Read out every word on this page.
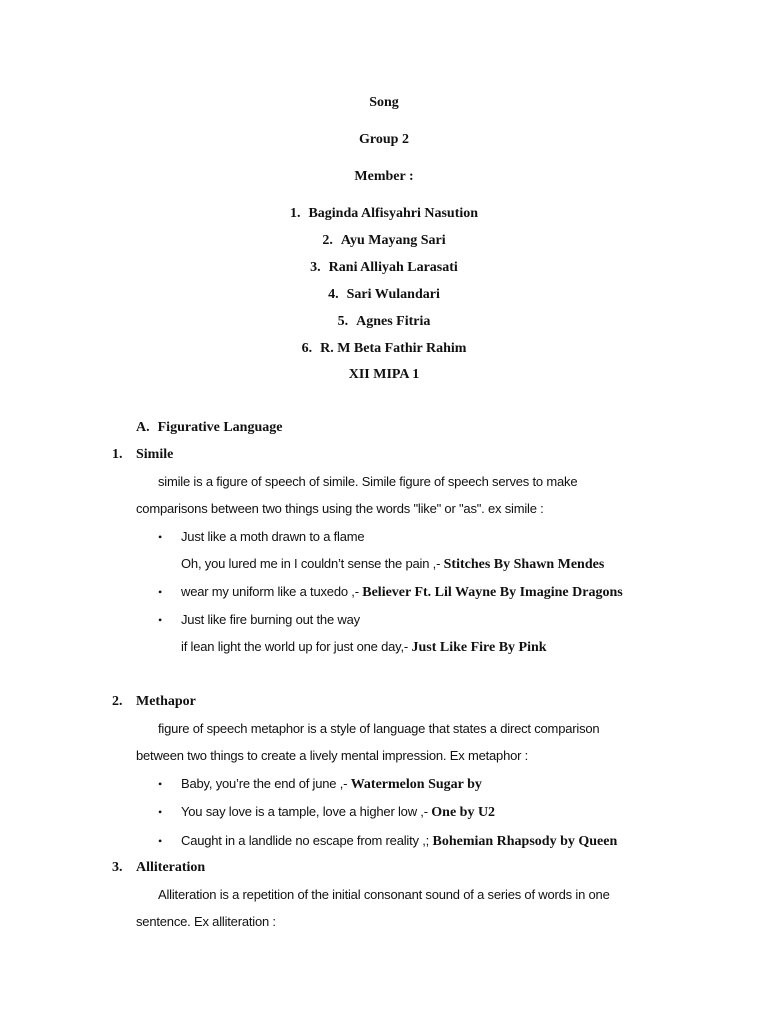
Song
Group 2
Member :
1. Baginda Alfisyahri Nasution
2. Ayu Mayang Sari
3. Rani Alliyah Larasati
4. Sari Wulandari
5. Agnes Fitria
6. R. M Beta Fathir Rahim
XII MIPA 1
A. Figurative Language
1. Simile
simile is a figure of speech of simile. Simile figure of speech serves to make
comparisons between two things using the words "like" or "as". ex simile :
• Just like a moth drawn to a flame
Oh, you lured me in I couldn’t sense the pain ,- Stitches By Shawn Mendes
• wear my uniform like a tuxedo ,- Believer Ft. Lil Wayne By Imagine Dragons
• Just like fire burning out the way
if lean light the world up for just one day,- Just Like Fire By Pink
2. Methapor
figure of speech metaphor is a style of language that states a direct comparison
between two things to create a lively mental impression. Ex metaphor :
• Baby, you’re the end of june ,- Watermelon Sugar by
• You say love is a tample, love a higher low ,- One by U2
• Caught in a landlide no escape from reality ,; Bohemian Rhapsody by Queen
3. Alliteration
Alliteration is a repetition of the initial consonant sound of a series of words in one
sentence. Ex alliteration :
